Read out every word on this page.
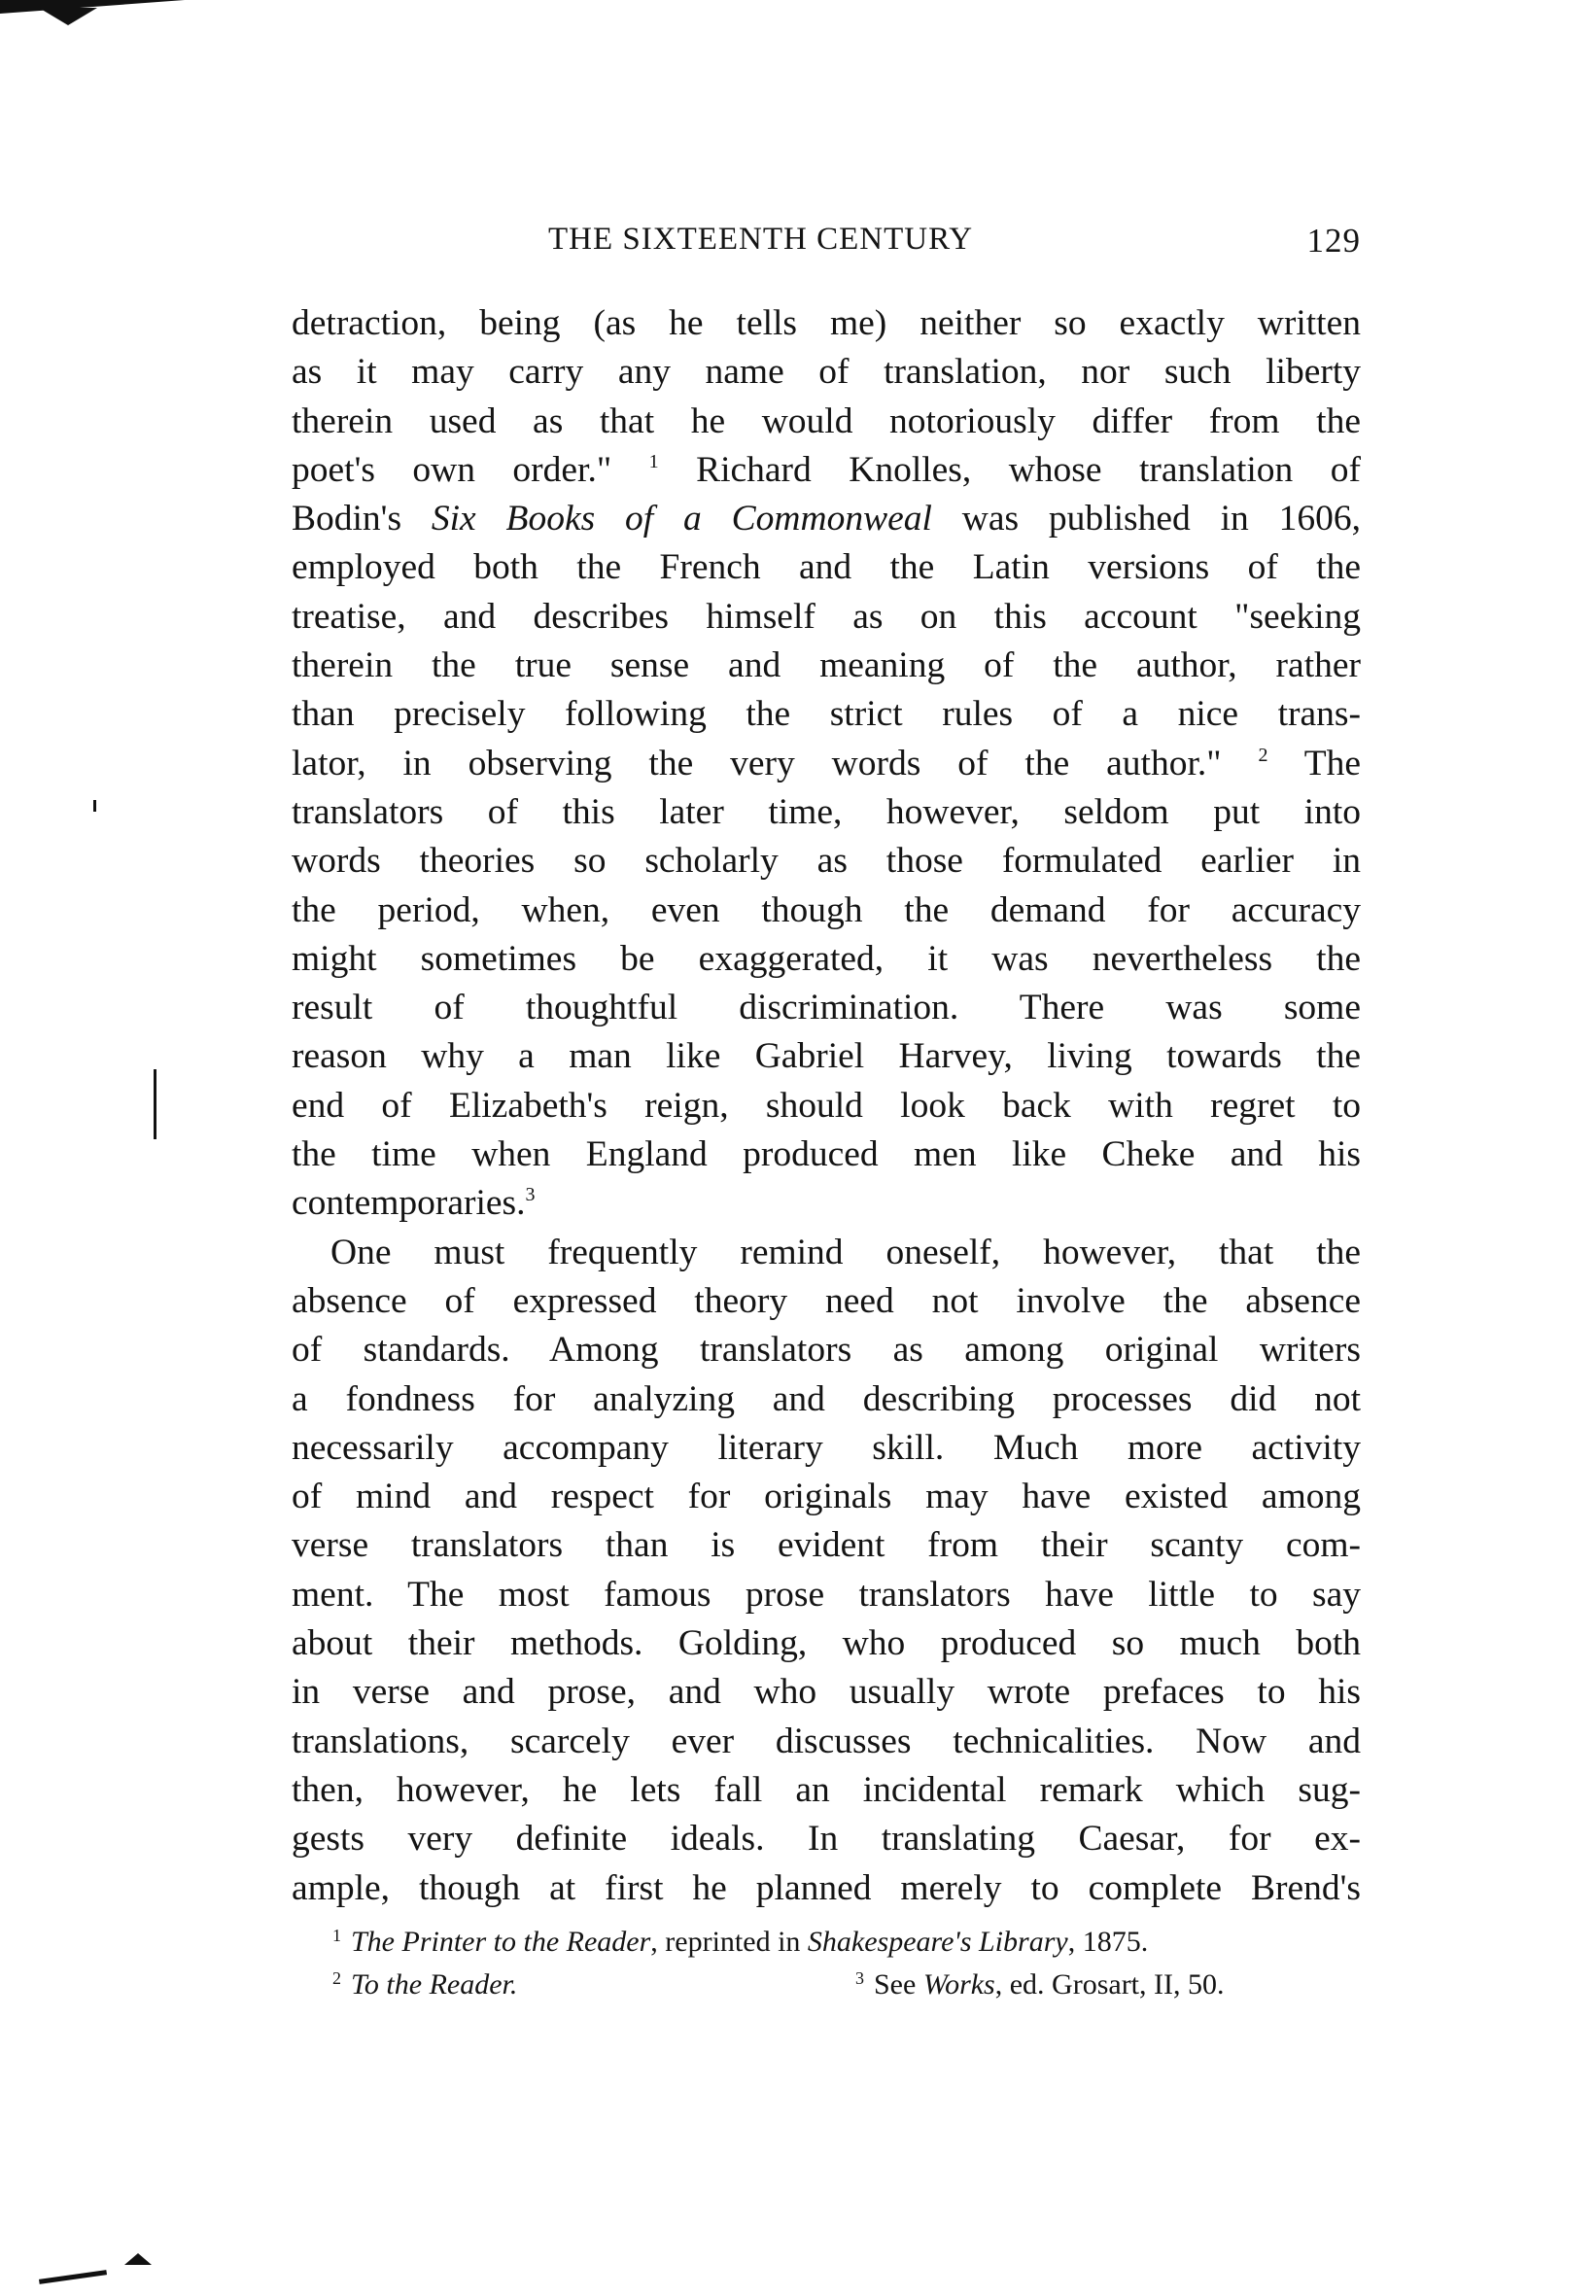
THE SIXTEENTH CENTURY	129
detraction, being (as he tells me) neither so exactly written
as it may carry any name of translation, nor such liberty
therein used as that he would notoriously differ from the
poet's own order." $^1$ Richard Knolles, whose translation of
Bodin's Six Books of a Commonweal was published in 1606,
employed both the French and the Latin versions of the
treatise, and describes himself as on this account "seeking
therein the true sense and meaning of the author, rather
than precisely following the strict rules of a nice trans-
lator, in observing the very words of the author." $^2$ The
translators of this later time, however, seldom put into
words theories so scholarly as those formulated earlier in
the period, when, even though the demand for accuracy
might sometimes be exaggerated, it was nevertheless the
result of thoughtful discrimination. There was some
reason why a man like Gabriel Harvey, living towards the
end of Elizabeth's reign, should look back with regret to
the time when England produced men like Cheke and his
contemporaries.$^3$
One must frequently remind oneself, however, that the
absence of expressed theory need not involve the absence
of standards. Among translators as among original writers
a fondness for analyzing and describing processes did not
necessarily accompany literary skill. Much more activity
of mind and respect for originals may have existed among
verse translators than is evident from their scanty com-
ment. The most famous prose translators have little to say
about their methods. Golding, who produced so much both
in verse and prose, and who usually wrote prefaces to his
translations, scarcely ever discusses technicalities. Now and
then, however, he lets fall an incidental remark which sug-
gests very definite ideals. In translating Caesar, for ex-
ample, though at first he planned merely to complete Brend's
$^1$ The Printer to the Reader, reprinted in Shakespeare's Library, 1875.
$^2$ To the Reader.	$^3$ See Works, ed. Grosart, II, 50.
